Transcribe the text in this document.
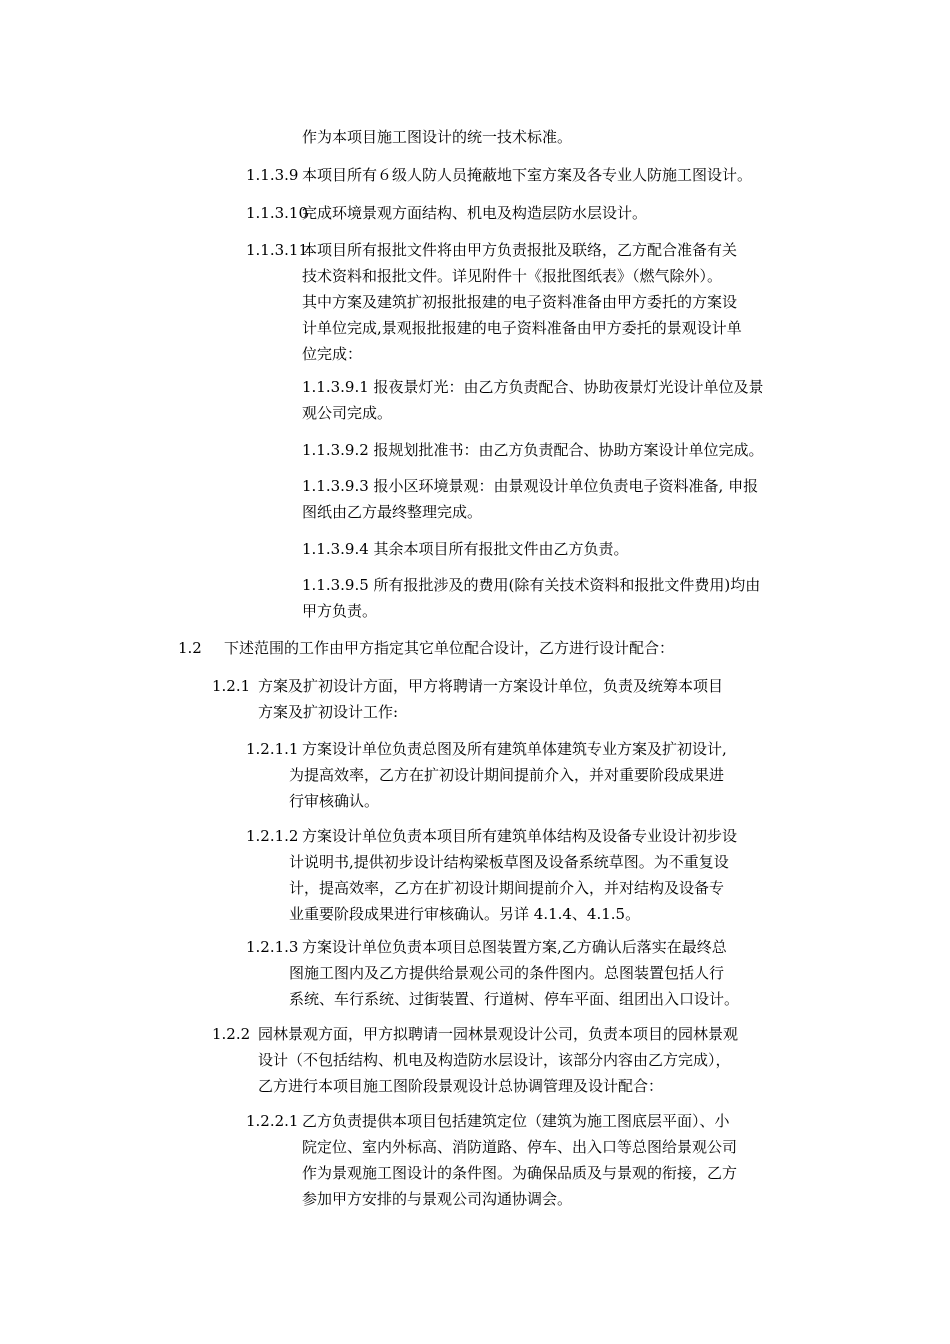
作为本项目施工图设计的统一技术标准。
1.1.3.9 本项目所有６级人防人员掩蔽地下室方案及各专业人防施工图设计。
1.1.3.10完成环境景观方面结构、机电及构造层防水层设计。
1.1.3.11本项目所有报批文件将由甲方负责报批及联络，乙方配合准备有关
技术资料和报批文件。详见附件十《报批图纸表》（燃气除外）。
其中方案及建筑扩初报批报建的电子资料准备由甲方委托的方案设
计单位完成,景观报批报建的电子资料准备由甲方委托的景观设计单
位完成：
1.1.3.9.1 报夜景灯光：由乙方负责配合、协助夜景灯光设计单位及景
观公司完成。
1.1.3.9.2 报规划批准书：由乙方负责配合、协助方案设计单位完成。
1.1.3.9.3 报小区环境景观：由景观设计单位负责电子资料准备, 申报
图纸由乙方最终整理完成。
1.1.3.9.4 其余本项目所有报批文件由乙方负责。
1.1.3.9.5 所有报批涉及的费用(除有关技术资料和报批文件费用)均由
甲方负责。
1.2 下述范围的工作由甲方指定其它单位配合设计，乙方进行设计配合：
1.2.1 方案及扩初设计方面，甲方将聘请一方案设计单位，负责及统筹本项目
方案及扩初设计工作:
1.2.1.1 方案设计单位负责总图及所有建筑单体建筑专业方案及扩初设计,
为提高效率，乙方在扩初设计期间提前介入，并对重要阶段成果进
行审核确认。
1.2.1.2 方案设计单位负责本项目所有建筑单体结构及设备专业设计初步设
计说明书,提供初步设计结构梁板草图及设备系统草图。为不重复设
计，提高效率，乙方在扩初设计期间提前介入，并对结构及设备专
业重要阶段成果进行审核确认。另详 4.1.4、4.1.5。
1.2.1.3 方案设计单位负责本项目总图装置方案,乙方确认后落实在最终总
图施工图内及乙方提供给景观公司的条件图内。总图装置包括人行
系统、车行系统、过街装置、行道树、停车平面、组团出入口设计。
1.2.2 园林景观方面，甲方拟聘请一园林景观设计公司，负责本项目的园林景观
设计（不包括结构、机电及构造防水层设计，该部分内容由乙方完成），
乙方进行本项目施工图阶段景观设计总协调管理及设计配合：
1.2.2.1 乙方负责提供本项目包括建筑定位（建筑为施工图底层平面）、小
院定位、室内外标高、消防道路、停车、出入口等总图给景观公司
作为景观施工图设计的条件图。为确保品质及与景观的衔接，乙方
参加甲方安排的与景观公司沟通协调会。
